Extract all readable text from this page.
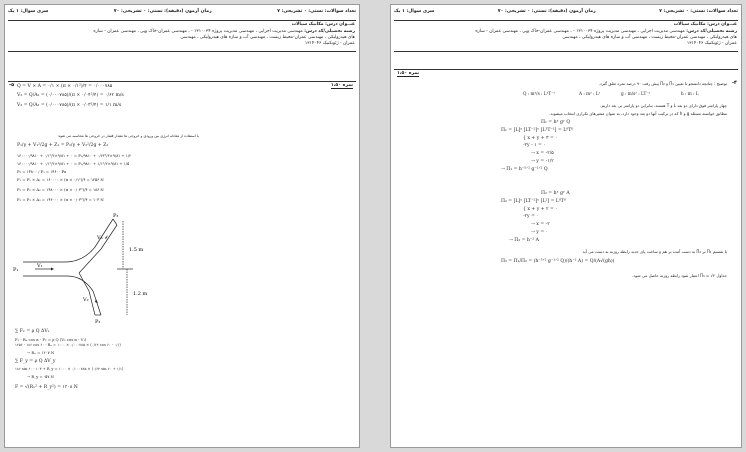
تعداد سوالات: تستی: ۰ تشریحی: ۷
زمان آزمون (دقیقه): تستی: ۰ تشریحی: ۷۰
سری سوال: ۱ یک
عنــوان درس: مکانیک سیالات
رشته تحصیلی/کد درس: مهندسی مدیریت اجرایی ، مهندسی مدیریت پروژه ۱۳۱۰۰۳۴ - ، مهندسی عمران-خاک وپی ، مهندسی عمران - سازه
های هیدرولیکی ، مهندسی عمران-محیط زیست ، مهندسی آب و سازه های هیدرولیکی ، مهندسی
عمران - ژئوتکنیک ۱۳۱۴۰۴۶
۱،۵۰ نمره
-۵ Q = V × A = ۰/۱ × (π × ۰/۱²)/۴ = ۰/۰۰۰۷۸۵
V₂ = Q/A₂ = (۰/۰۰۰۷۸۵)/(π × ۰/۰۴²/۴) = ۰/۶۲ m/s
V₃ = Q/A₃ = (۰/۰۰۰۷۸۵)/(π × ۰/۰۳²/۴) = ۱/۱ m/s
با استفاده از معادله انرژی بین ورودی و خروجی ها مقدار فشار در خروجی ها محاسبه می شود:
P₁/γ + V₁²/2g + Z₁ = P₂/γ + V₂²/2g + Z₂
۱۶۰۰۰۰/۹۸۱۰ + ۰/۱²/۲×۹/۸۱ + ۰ = P₂/۹۸۱۰ + ۰/۶۲²/۲×۹/۸۱ + ۱/۲
۱۶۰۰۰۰/۹۸۱۰ + ۰/۱²/۲×۹/۸۱ + ۰ = P₃/۹۸۱۰ + ۱/۱²/۲×۹/۸۱ + ۱/۵
P₂ = ۱۴۸۰۰ / P₃ = ۱۴۶۰۰ Pa
F₁ = P₁ × A₁ = ۱۶۰۰۰۰ × (π × ۰/۱²)/۴ = ۱۲۵۶ N
F₂ = P₂ × A₂ = ۱۴۸۰۰۰ × (π × ۰/۰۴²)/۴ = ۱۸۶ N
F₃ = P₃ × A₃ = ۱۴۶۰۰۰ × (π × ۰/۰۳²)/۴ = ۱۰۳ N
P₁
V₁
P₃
V₃
V₂
P₂
1.5 m
1.2 m
∑ Fₓ = ρ Q ΔVₓ
F₁ - Rₓ cos α - F₂ = ρ Q (V₂ cos α - V₁)
۱۲۵۶ - ۱۸۶ cos ۶۰ - Rₓ = ۱۰۰۰ × ۰/۰۰۰۷۸۵ × (۰/۶۲ cos ۶۰ - ۰/۱)
→ Rₓ = ۱۲۰۷ N
∑ F_y = ρ Q ΔV_y
۱۸۶ sin ۶۰ - ۱۰۳ + R_y = ۱۰۰۰ × ۰/۰۰۰۷۸۵ × (۰/۶۲ sin ۶۰ + ۱/۱)
→ R_y = -۵۷ N
F = √(Rₓ² + R_y²) = ۱۲۰۸ N
تعداد سوالات: تستی: ۰ تشریحی: ۷
زمان آزمون (دقیقه): تستی: ۰ تشریحی: ۷۰
سری سوال: ۱ یک
عنــوان درس: مکانیک سیالات
رشته تحصیلی/کد درس: مهندسی مدیریت اجرایی ، مهندسی مدیریت پروژه ۱۳۱۰۰۳۴ - ، مهندسی عمران-خاک وپی ، مهندسی عمران - سازه
های هیدرولیکی ، مهندسی عمران-محیط زیست ، مهندسی آب و سازه های هیدرولیکی ، مهندسی
عمران - ژئوتکنیک ۱۳۱۴۰۴۶
۱،۵۰ نمره
-۴
توضیح : چنانچه دانشجو تا تعیین Π₁ و Π₂ پیش رفت ۹۰ درصد نمره تعلق گیرد.
Q : m³/s : L³T⁻¹	A : m² : L²	g : m/s² : LT⁻²	h : m : L
چهار پارامتر فوق دارای دو بعد L و T هستند، بنابراین دو پارامتر بی بعد داریم.
مطابق خواسته مسئله g و h که در ترکیب آنها دو بعد وجود دارد، به عنوان متغیرهای تکراری انتخاب میشوند.
Π₁ = hˣ gʸ Q
Π₁ = [L]ˣ [LT⁻²]ʸ [L³T⁻¹] = L⁰T⁰
{ x + y + ۳ = ۰
-۲y - ۱ = ۰
→ x = -۲/۵
→ y = -۱/۲
→ Π₁ = h⁻⁵ᐟ² g⁻¹ᐟ² Q
Π₂ = hˣ gʸ A
Π₂ = [L]ˣ [LT⁻²]ʸ [L²] = L⁰T⁰
{ x + y + ۲ = ۰
-۲y = ۰
→ x = -۲
→ y = ۰
→ Π₂ = h⁻² A
با تقسیم Π₁ بر Π₂ به دست آمده بر هم و ساخت پای جدید رابطه روزنه به دست می آید
Π₃ = Π₁/Π₂ = (h⁻⁵ᐟ² g⁻¹ᐟ² Q)/(h⁻² A) = Q/(A√(gh))
جداول Π₃ = √۲ اعتبار شود رابطه روزنه حاصل می شود.
